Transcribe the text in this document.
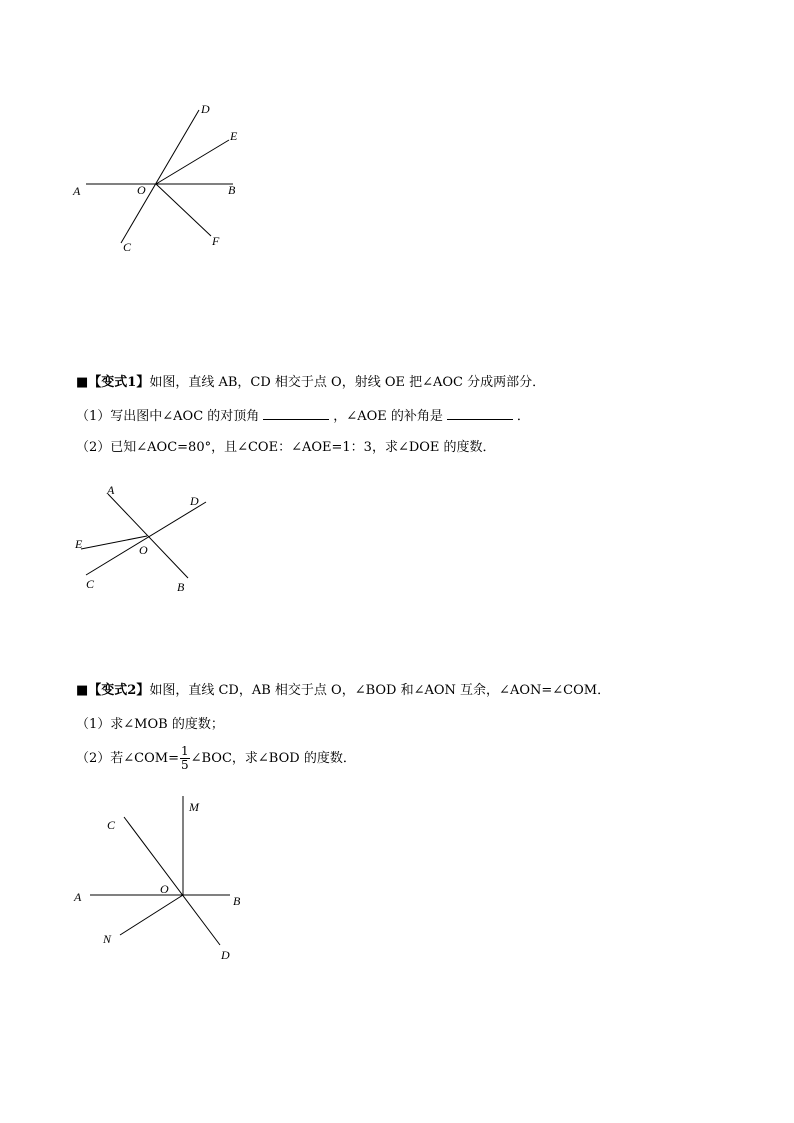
A	O	B
C
D
E
F
■【变式1】如图，直线 AB，CD 相交于点 O，射线 OE 把∠AOC 分成两部分．
（1）写出图中∠AOC 的对顶角	，∠AOE 的补角是	．
（2）已知∠AOC=80°，且∠COE：∠AOE=1：3，求∠DOE 的度数．
A
D
E	O
C	B
■【变式2】如图，直线 CD，AB 相交于点 O，∠BOD 和∠AON 互余，∠AON=∠COM．
（1）求∠MOB 的度数；
（2）若∠COM= $\frac{1}{5}$ ∠BOC，求∠BOD 的度数．
M
C
A
O
B
N
D
